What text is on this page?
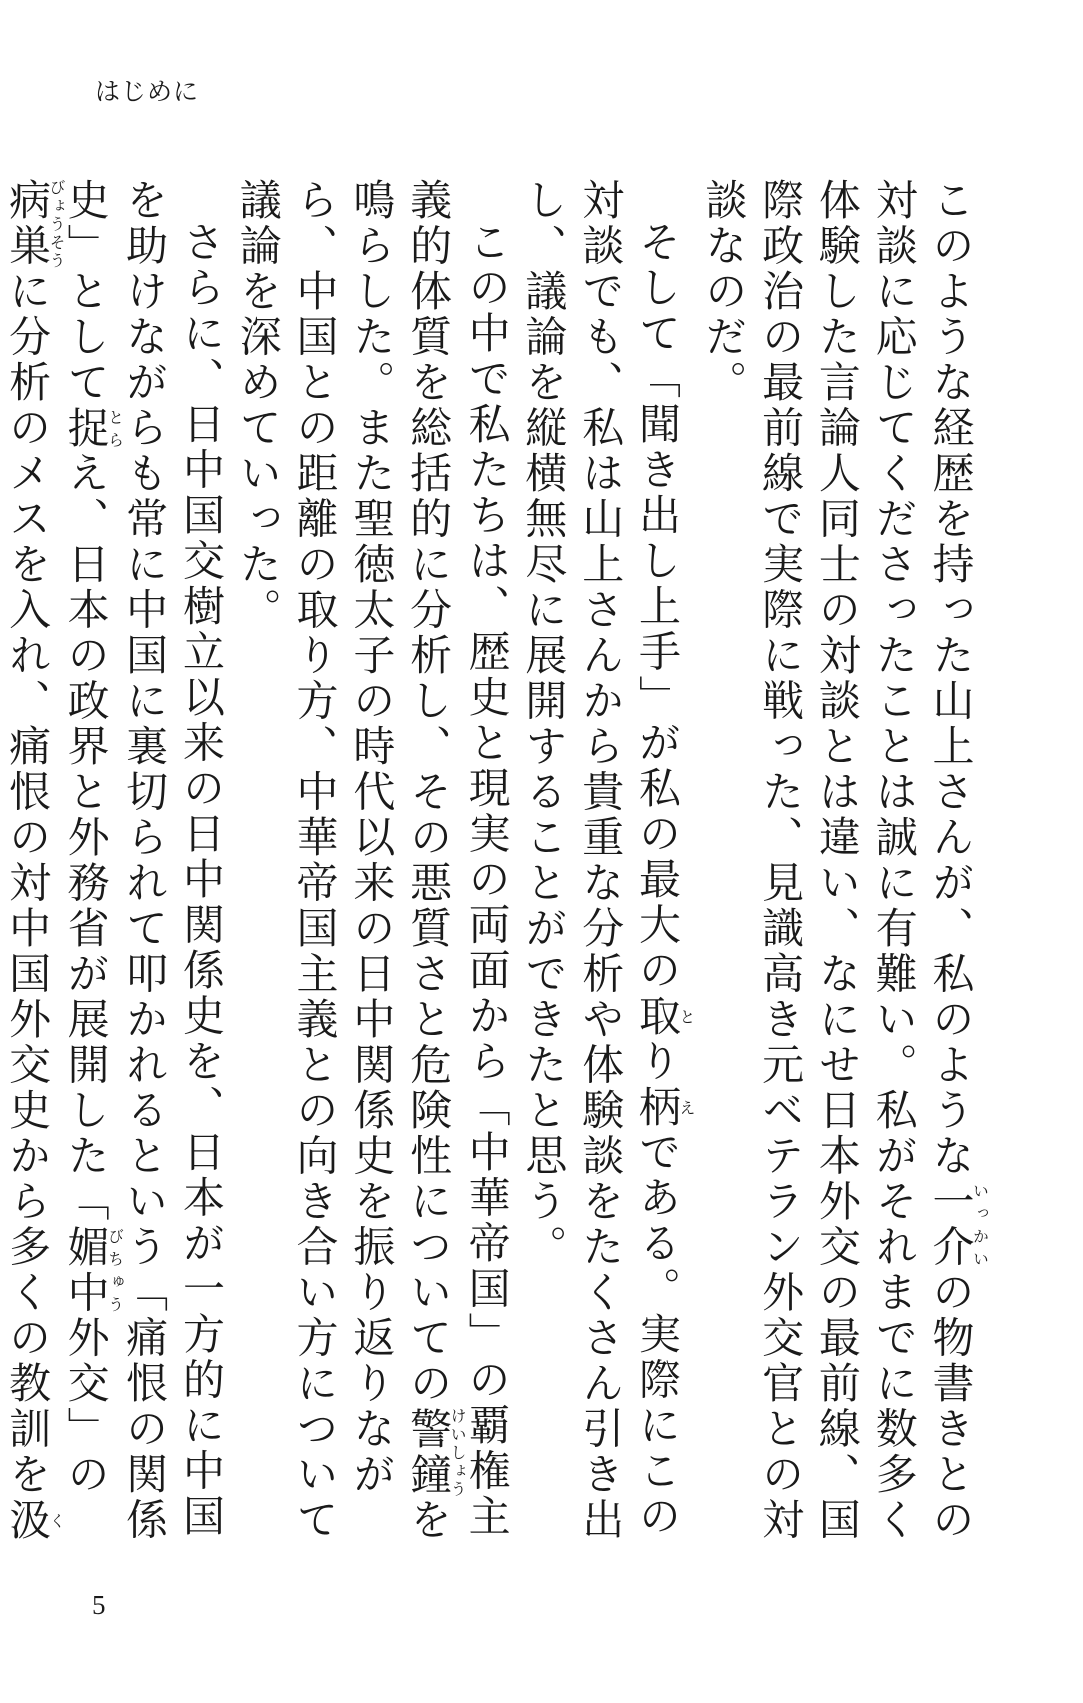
はじめに

このような経歴を持った山上さんが、私のような一介いっかいの物書きとの対談に応じてくださったことは誠に有難い。私がそれまでに数多く体験した言論人同士の対談とは違い、なにせ日本外交の最前線、国際政治の最前線で実際に戦った、見識高き元ベテラン外交官との対談なのだ。

そして「聞き出し上手」が私の最大の取とり柄えである。実際にこの対談でも、私は山上さんから貴重な分析や体験談をたくさん引き出し、議論を縦横無尽に展開することができたと思う。

この中で私たちは、歴史と現実の両面から「中華帝国」の覇権主義的体質を総括的に分析し、その悪質さと危険性についての警鐘けいしょうを鳴らした。また聖徳太子の時代以来の日中関係史を振り返りながら、中国との距離の取り方、中華帝国主義との向き合い方について議論を深めていった。

さらに、日中国交樹立以来の日中関係史を、日本が一方的に中国を助けながらも常に中国に裏切られて叩かれるという「痛恨の関係史」として捉とらえ、日本の政界と外務省が展開した「媚中びちゅう外交」の病巣びょうそうに分析のメスを入れ、痛恨の対中国外交史から多くの教訓を汲く

5
